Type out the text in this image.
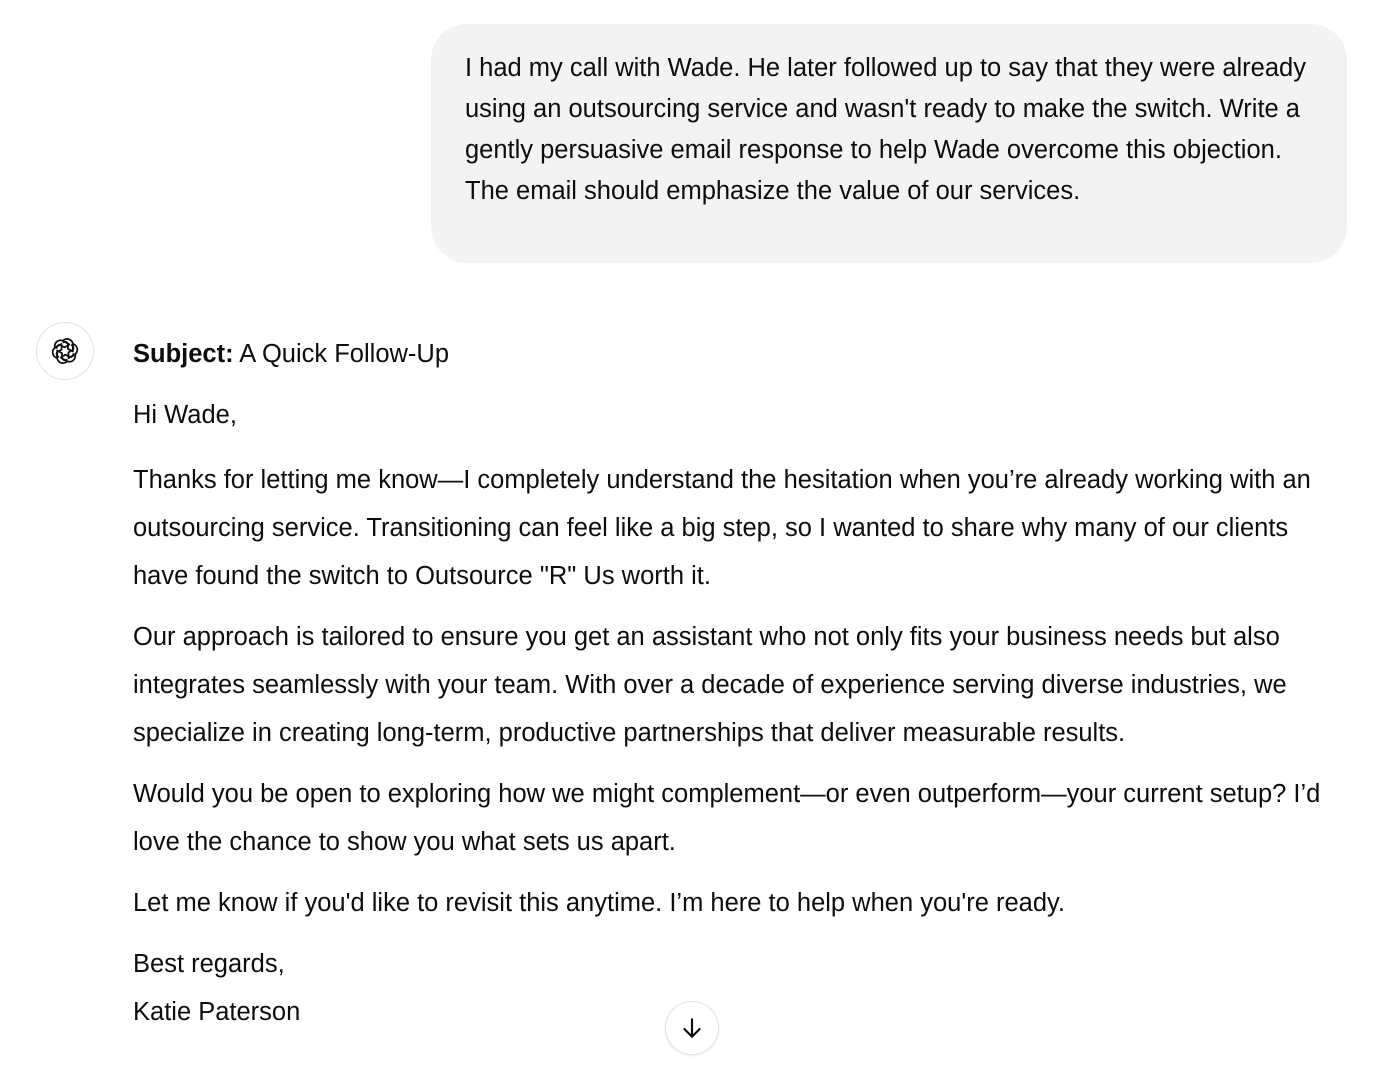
I had my call with Wade. He later followed up to say that they were already using an outsourcing service and wasn't ready to make the switch. Write a gently persuasive email response to help Wade overcome this objection. The email should emphasize the value of our services.

Subject: A Quick Follow-Up

Hi Wade,

Thanks for letting me know—I completely understand the hesitation when you’re already working with an outsourcing service. Transitioning can feel like a big step, so I wanted to share why many of our clients have found the switch to Outsource "R" Us worth it.

Our approach is tailored to ensure you get an assistant who not only fits your business needs but also integrates seamlessly with your team. With over a decade of experience serving diverse industries, we specialize in creating long-term, productive partnerships that deliver measurable results.

Would you be open to exploring how we might complement—or even outperform—your current setup? I’d love the chance to show you what sets us apart.

Let me know if you'd like to revisit this anytime. I’m here to help when you're ready.

Best regards,

Katie Paterson
